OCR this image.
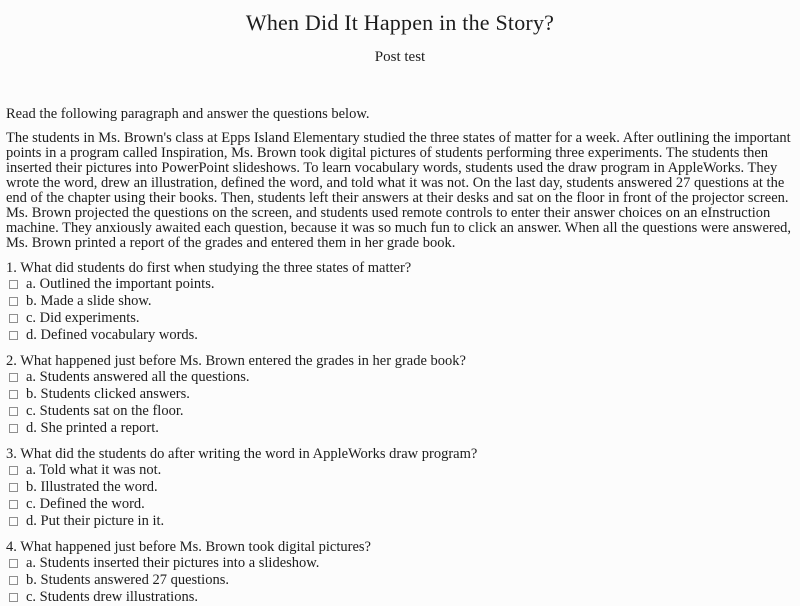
When Did It Happen in the Story?
Post test
Read the following paragraph and answer the questions below.
The students in Ms. Brown's class at Epps Island Elementary studied the three states of matter for a week. After outlining the important points in a program called Inspiration, Ms. Brown took digital pictures of students performing three experiments. The students then inserted their pictures into PowerPoint slideshows. To learn vocabulary words, students used the draw program in AppleWorks. They wrote the word, drew an illustration, defined the word, and told what it was not. On the last day, students answered 27 questions at the end of the chapter using their books. Then, students left their answers at their desks and sat on the floor in front of the projector screen. Ms. Brown projected the questions on the screen, and students used remote controls to enter their answer choices on an eInstruction machine. They anxiously awaited each question, because it was so much fun to click an answer. When all the questions were answered, Ms. Brown printed a report of the grades and entered them in her grade book.
1. What did students do first when studying the three states of matter?
a. Outlined the important points.
b. Made a slide show.
c. Did experiments.
d. Defined vocabulary words.
2. What happened just before Ms. Brown entered the grades in her grade book?
a. Students answered all the questions.
b. Students clicked answers.
c. Students sat on the floor.
d. She printed a report.
3. What did the students do after writing the word in AppleWorks draw program?
a. Told what it was not.
b. Illustrated the word.
c. Defined the word.
d. Put their picture in it.
4. What happened just before Ms. Brown took digital pictures?
a. Students inserted their pictures into a slideshow.
b. Students answered 27 questions.
c. Students drew illustrations.
